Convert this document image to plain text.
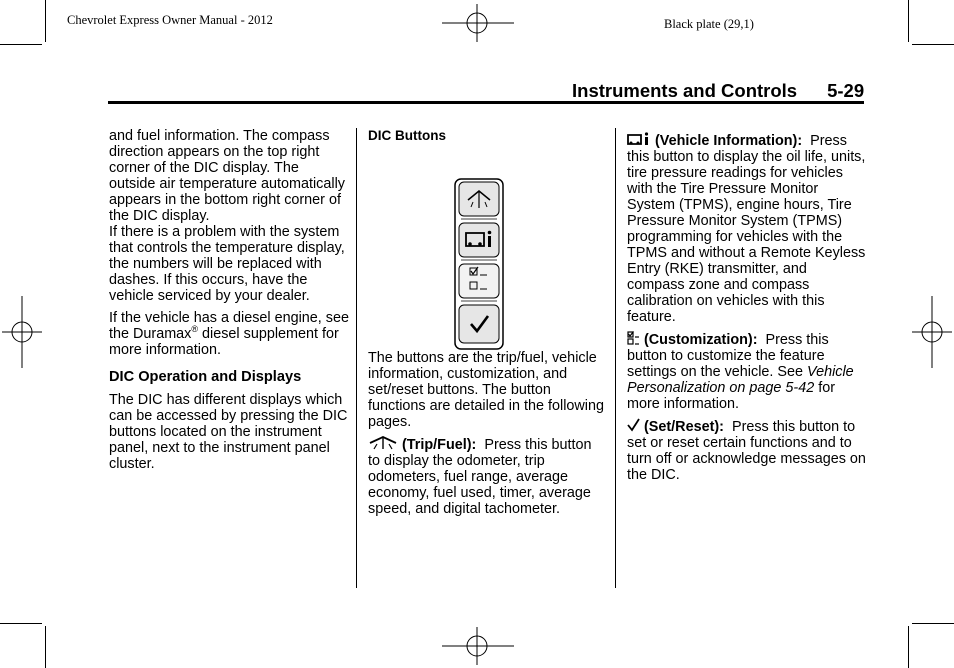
Chevrolet Express Owner Manual - 2012	Black plate (29,1)
Instruments and Controls 5-29

and fuel information. The compass direction appears on the top right corner of the DIC display. The outside air temperature automatically appears in the bottom right corner of the DIC display.

If there is a problem with the system that controls the temperature display, the numbers will be replaced with dashes. If this occurs, have the vehicle serviced by your dealer.

If the vehicle has a diesel engine, see the Duramax® diesel supplement for more information.

DIC Operation and Displays

The DIC has different displays which can be accessed by pressing the DIC buttons located on the instrument panel, next to the instrument panel cluster.

DIC Buttons

The buttons are the trip/fuel, vehicle information, customization, and set/reset buttons. The button functions are detailed in the following pages.

(Trip/Fuel): Press this button to display the odometer, trip odometers, fuel range, average economy, fuel used, timer, average speed, and digital tachometer.

(Vehicle Information): Press this button to display the oil life, units, tire pressure readings for vehicles with the Tire Pressure Monitor System (TPMS), engine hours, Tire Pressure Monitor System (TPMS) programming for vehicles with the TPMS and without a Remote Keyless Entry (RKE) transmitter, and compass zone and compass calibration on vehicles with this feature.

(Customization): Press this button to customize the feature settings on the vehicle. See Vehicle Personalization on page 5-42 for more information.

(Set/Reset): Press this button to set or reset certain functions and to turn off or acknowledge messages on the DIC.
